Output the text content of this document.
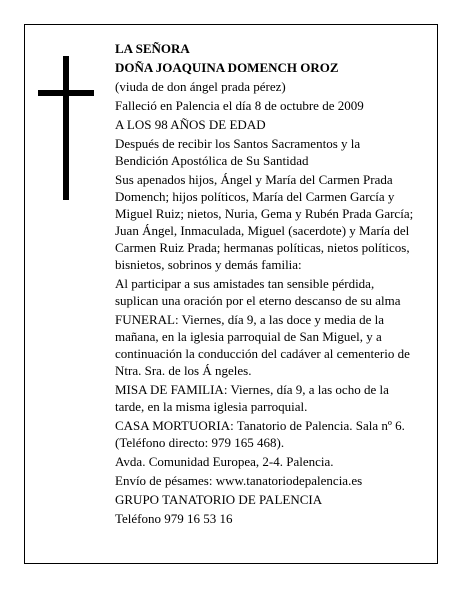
LA SEÑORA

DOÑA JOAQUINA DOMENCH OROZ

(viuda de don ángel prada pérez)

Falleció en Palencia el día 8 de octubre de 2009

A LOS 98 AÑOS DE EDAD

Después de recibir los Santos Sacramentos y la Bendición Apostólica de Su Santidad

Sus apenados hijos, Ángel y María del Carmen Prada Domench; hijos políticos, María del Carmen García y Miguel Ruiz; nietos, Nuria, Gema y Rubén Prada García; Juan Ángel, Inmaculada, Miguel (sacerdote) y María del Carmen Ruiz Prada; hermanas políticas, nietos políticos, bisnietos, sobrinos y demás familia:

Al participar a sus amistades tan sensible pérdida, suplican una oración por el eterno descanso de su alma

FUNERAL: Viernes, día 9, a las doce y media de la mañana, en la iglesia parroquial de San Miguel, y a continuación la conducción del cadáver al cementerio de Ntra. Sra. de los Á ngeles.

MISA DE FAMILIA: Viernes, día 9, a las ocho de la tarde, en la misma iglesia parroquial.

CASA MORTUORIA: Tanatorio de Palencia. Sala nº 6. (Teléfono directo: 979 165 468).

Avda. Comunidad Europea, 2-4. Palencia.

Envío de pésames: www.tanatoriodepalencia.es

GRUPO TANATORIO DE PALENCIA

Teléfono 979 16 53 16
